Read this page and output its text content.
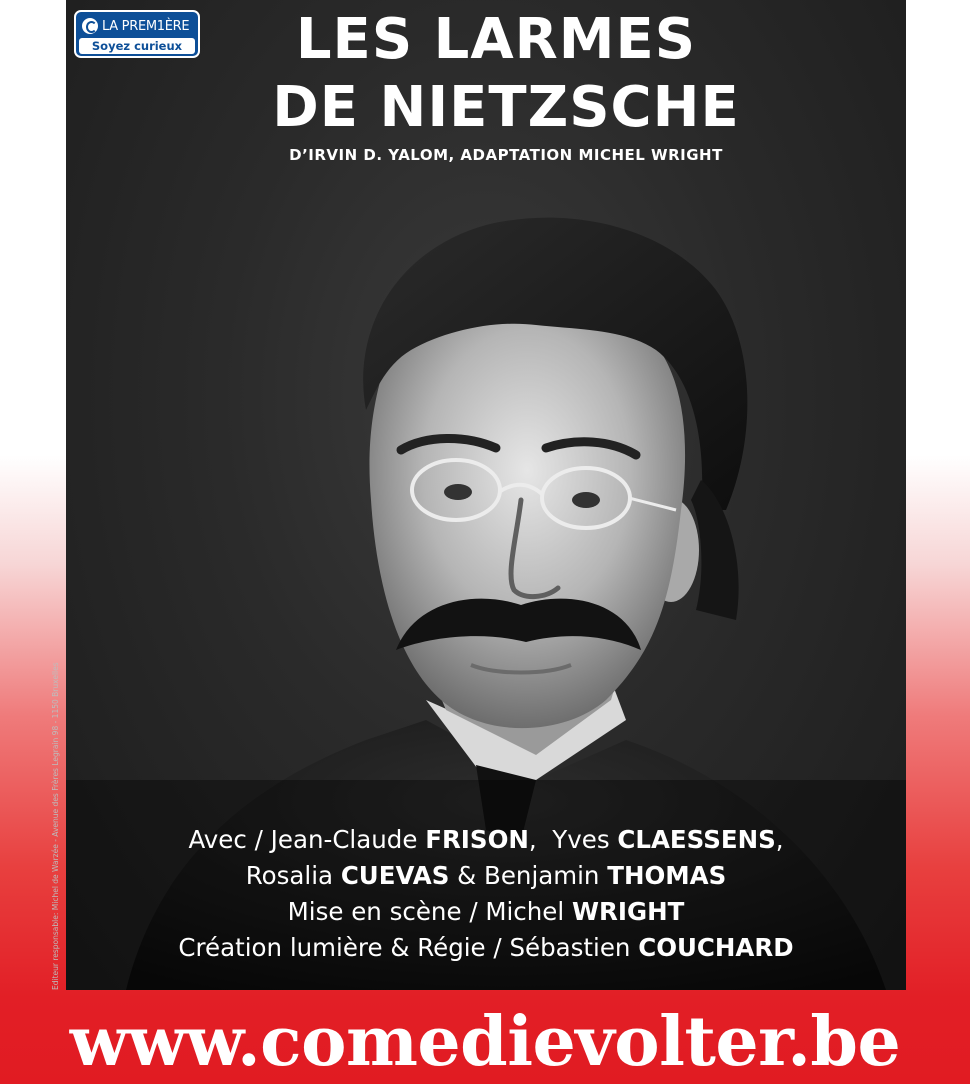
LA PREM1ÈRE
Soyez curieux	LES LARMES
DE NIETZSCHE
D’IRVIN D. YALOM, ADAPTATION MICHEL WRIGHT
Avec / Jean-Claude FRISON,  Yves CLAESSENS,
Rosalia CUEVAS & Benjamin THOMAS
Mise en scène / Michel WRIGHT
Création lumière & Régie / Sébastien COUCHARD
Editeur responsable: Michel de Warzée - Avenue des Frères Legrain 98 - 1150 Bruxelles
www.comedievolter.be
